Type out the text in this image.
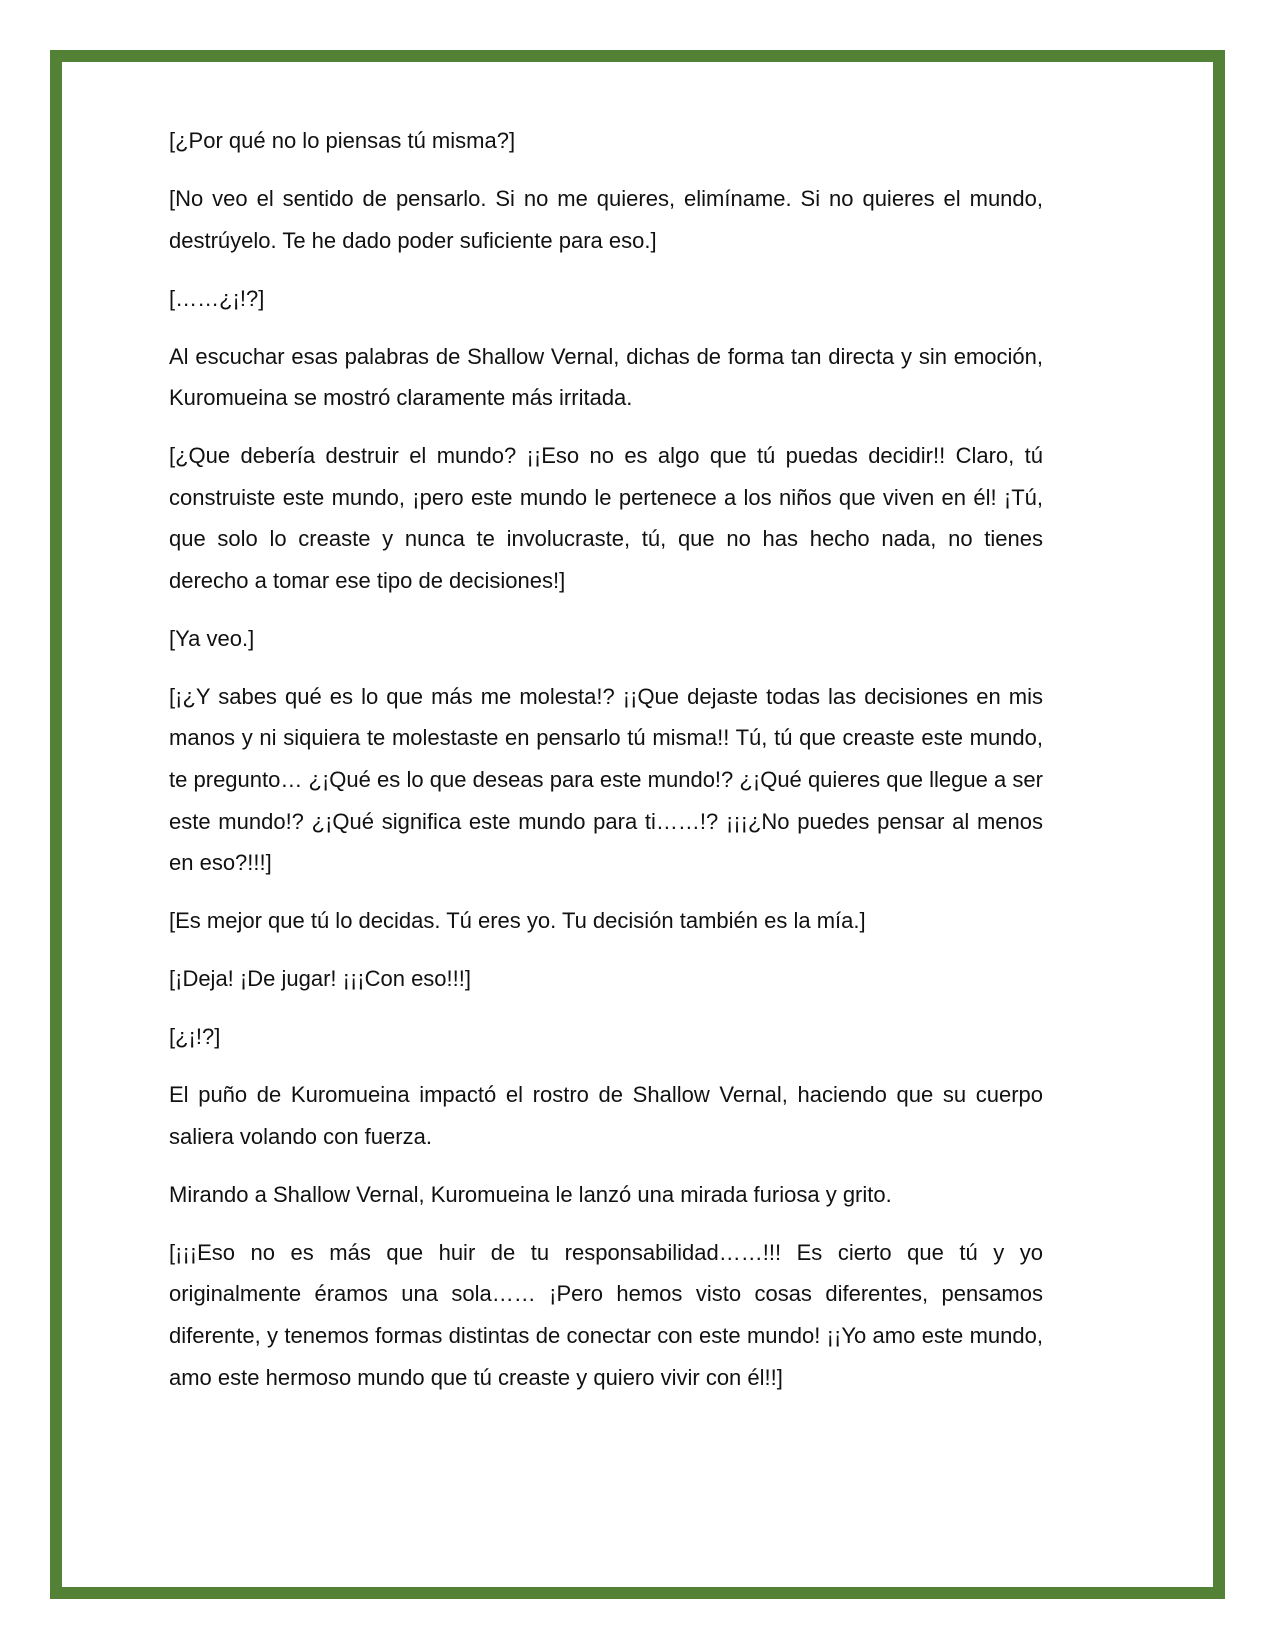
[¿Por qué no lo piensas tú misma?]

[No veo el sentido de pensarlo. Si no me quieres, elimíname. Si no quieres el mundo, destrúyelo. Te he dado poder suficiente para eso.]

[……¿¡!?]

Al escuchar esas palabras de Shallow Vernal, dichas de forma tan directa y sin emoción, Kuromueina se mostró claramente más irritada.

[¿Que debería destruir el mundo? ¡¡Eso no es algo que tú puedas decidir!! Claro, tú construiste este mundo, ¡pero este mundo le pertenece a los niños que viven en él! ¡Tú, que solo lo creaste y nunca te involucraste, tú, que no has hecho nada, no tienes derecho a tomar ese tipo de decisiones!]

[Ya veo.]

[¡¿Y sabes qué es lo que más me molesta!? ¡¡Que dejaste todas las decisiones en mis manos y ni siquiera te molestaste en pensarlo tú misma!! Tú, tú que creaste este mundo, te pregunto… ¿¡Qué es lo que deseas para este mundo!? ¿¡Qué quieres que llegue a ser este mundo!? ¿¡Qué significa este mundo para ti……!? ¡¡¡¿No puedes pensar al menos en eso?!!!]

[Es mejor que tú lo decidas. Tú eres yo. Tu decisión también es la mía.]

[¡Deja! ¡De jugar! ¡¡¡Con eso!!!]

[¿¡!?]

El puño de Kuromueina impactó el rostro de Shallow Vernal, haciendo que su cuerpo saliera volando con fuerza.

Mirando a Shallow Vernal, Kuromueina le lanzó una mirada furiosa y grito.

[¡¡¡Eso no es más que huir de tu responsabilidad……!!! Es cierto que tú y yo originalmente éramos una sola…… ¡Pero hemos visto cosas diferentes, pensamos diferente, y tenemos formas distintas de conectar con este mundo! ¡¡Yo amo este mundo, amo este hermoso mundo que tú creaste y quiero vivir con él!!]
